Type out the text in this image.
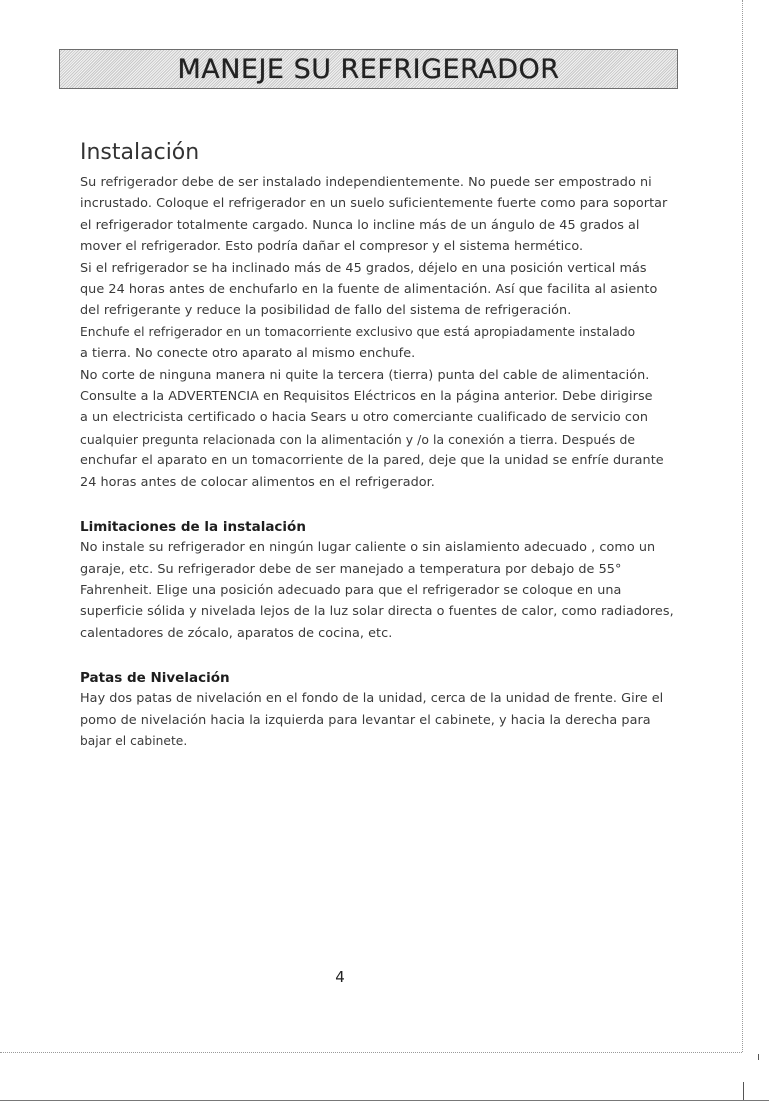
MANEJE SU REFRIGERADOR
Instalación

Su refrigerador debe de ser instalado independientemente. No puede ser empostrado ni
incrustado. Coloque el refrigerador en un suelo suficientemente fuerte como para soportar
el refrigerador totalmente cargado. Nunca lo incline más de un ángulo de 45 grados al
mover el refrigerador. Esto podría dañar el compresor y el sistema hermético.
Si el refrigerador se ha inclinado más de 45 grados, déjelo en una posición vertical más
que 24 horas antes de enchufarlo en la fuente de alimentación. Así que facilita al asiento
del refrigerante y reduce la posibilidad de fallo del sistema de refrigeración.
Enchufe el refrigerador en un tomacorriente exclusivo que está apropiadamente instalado
a tierra. No conecte otro aparato al mismo enchufe.
No corte de ninguna manera ni quite la tercera (tierra) punta del cable de alimentación.
Consulte a la ADVERTENCIA en Requisitos Eléctricos en la página anterior. Debe dirigirse
a un electricista certificado o hacia Sears u otro comerciante cualificado de servicio con
cualquier pregunta relacionada con la alimentación y /o la conexión a tierra. Después de
enchufar el aparato en un tomacorriente de la pared, deje que la unidad se enfríe durante
24 horas antes de colocar alimentos en el refrigerador.

Limitaciones de la instalación

No instale su refrigerador en ningún lugar caliente o sin aislamiento adecuado , como un
garaje, etc. Su refrigerador debe de ser manejado a temperatura por debajo de 55°
Fahrenheit. Elige una posición adecuado para que el refrigerador se coloque en una
superficie sólida y nivelada lejos de la luz solar directa o fuentes de calor, como radiadores,
calentadores de zócalo, aparatos de cocina, etc.

Patas de Nivelación

Hay dos patas de nivelación en el fondo de la unidad, cerca de la unidad de frente. Gire el
pomo de nivelación hacia la izquierda para levantar el cabinete, y hacia la derecha para
bajar el cabinete.

4
